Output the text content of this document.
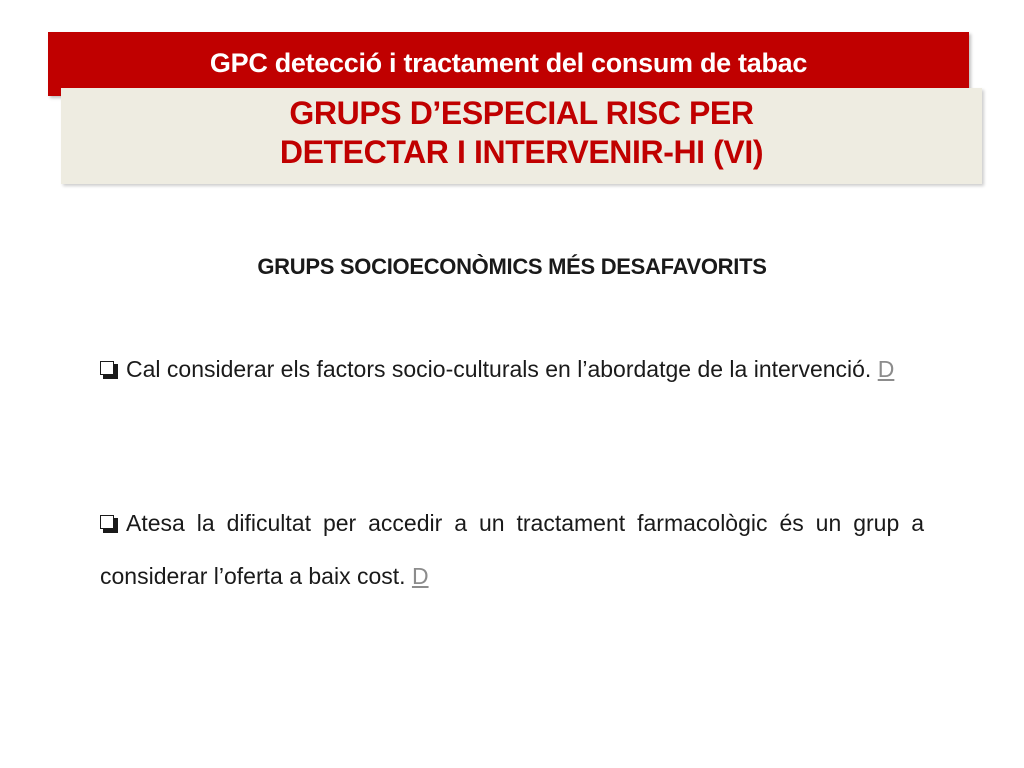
GPC detecció i tractament del consum de tabac
GRUPS D’ESPECIAL RISC PER
DETECTAR I INTERVENIR-HI (VI)
GRUPS SOCIOECONÒMICS MÉS DESAFAVORITS
Cal considerar els factors socio-culturals en l’abordatge de la intervenció. D
Atesa la dificultat per accedir a un tractament farmacològic és un grup a considerar l’oferta a baix cost. D
